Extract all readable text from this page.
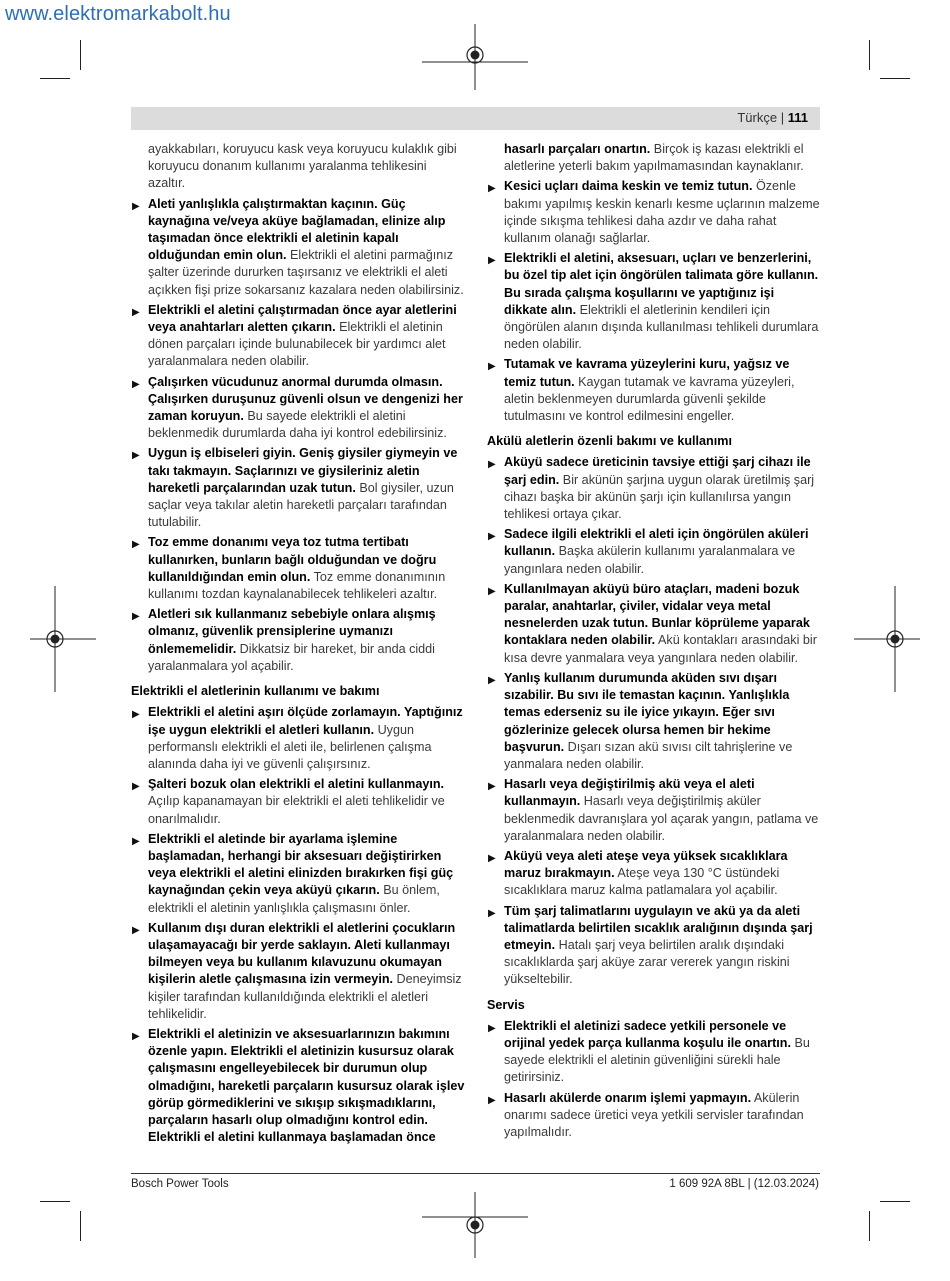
www.elektromarkabolt.hu
Türkçe | 111
ayakkabıları, koruyucu kask veya koruyucu kulaklık gibi koruyucu donanım kullanımı yaralanma tehlikesini azaltır.
▶ Aleti yanlışlıkla çalıştırmaktan kaçının. Güç kaynağına ve/veya aküye bağlamadan, elinize alıp taşımadan önce elektrikli el aletinin kapalı olduğundan emin olun. Elektrikli el aletini parmağınız şalter üzerinde dururken taşırsanız ve elektrikli el aleti açıkken fişi prize sokarsanız kazalara neden olabilirsiniz.
▶ Elektrikli el aletini çalıştırmadan önce ayar aletlerini veya anahtarları aletten çıkarın. Elektrikli el aletinin dönen parçaları içinde bulunabilecek bir yardımcı alet yaralanmalara neden olabilir.
▶ Çalışırken vücudunuz anormal durumda olmasın. Çalışırken duruşunuz güvenli olsun ve dengenizi her zaman koruyun. Bu sayede elektrikli el aletini beklenmedik durumlarda daha iyi kontrol edebilirsiniz.
▶ Uygun iş elbiseleri giyin. Geniş giysiler giymeyin ve takı takmayın. Saçlarınızı ve giysileriniz aletin hareketli parçalarından uzak tutun. Bol giysiler, uzun saçlar veya takılar aletin hareketli parçaları tarafından tutulabilir.
▶ Toz emme donanımı veya toz tutma tertibatı kullanırken, bunların bağlı olduğundan ve doğru kullanıldığından emin olun. Toz emme donanımının kullanımı tozdan kaynalanabilecek tehlikeleri azaltır.
▶ Aletleri sık kullanmanız sebebiyle onlara alışmış olmanız, güvenlik prensiplerine uymanızı önlememelidir. Dikkatsiz bir hareket, bir anda ciddi yaralanmalara yol açabilir.
Elektrikli el aletlerinin kullanımı ve bakımı
▶ Elektrikli el aletini aşırı ölçüde zorlamayın. Yaptığınız işe uygun elektrikli el aletleri kullanın. Uygun performanslı elektrikli el aleti ile, belirlenen çalışma alanında daha iyi ve güvenli çalışırsınız.
▶ Şalteri bozuk olan elektrikli el aletini kullanmayın. Açılıp kapanamayan bir elektrikli el aleti tehlikelidir ve onarılmalıdır.
▶ Elektrikli el aletinde bir ayarlama işlemine başlamadan, herhangi bir aksesuarı değiştirirken veya elektrikli el aletini elinizden bırakırken fişi güç kaynağından çekin veya aküyü çıkarın. Bu önlem, elektrikli el aletinin yanlışlıkla çalışmasını önler.
▶ Kullanım dışı duran elektrikli el aletlerini çocukların ulaşamayacağı bir yerde saklayın. Aleti kullanmayı bilmeyen veya bu kullanım kılavuzunu okumayan kişilerin aletle çalışmasına izin vermeyin. Deneyimsiz kişiler tarafından kullanıldığında elektrikli el aletleri tehlikelidir.
▶ Elektrikli el aletinizin ve aksesuarlarınızın bakımını özenle yapın. Elektrikli el aletinizin kusursuz olarak çalışmasını engelleyebilecek bir durumun olup olmadığını, hareketli parçaların kusursuz olarak işlev görüp görmediklerini ve sıkışıp sıkışmadıklarını, parçaların hasarlı olup olmadığını kontrol edin. Elektrikli el aletini kullanmaya başlamadan önce
hasarlı parçaları onartın. Birçok iş kazası elektrikli el aletlerine yeterli bakım yapılmamasından kaynaklanır.
▶ Kesici uçları daima keskin ve temiz tutun. Özenle bakımı yapılmış keskin kenarlı kesme uçlarının malzeme içinde sıkışma tehlikesi daha azdır ve daha rahat kullanım olanağı sağlarlar.
▶ Elektrikli el aletini, aksesuarı, uçları ve benzerlerini, bu özel tip alet için öngörülen talimata göre kullanın. Bu sırada çalışma koşullarını ve yaptığınız işi dikkate alın. Elektrikli el aletlerinin kendileri için öngörülen alanın dışında kullanılması tehlikeli durumlara neden olabilir.
▶ Tutamak ve kavrama yüzeylerini kuru, yağsız ve temiz tutun. Kaygan tutamak ve kavrama yüzeyleri, aletin beklenmeyen durumlarda güvenli şekilde tutulmasını ve kontrol edilmesini engeller.
Akülü aletlerin özenli bakımı ve kullanımı
▶ Aküyü sadece üreticinin tavsiye ettiği şarj cihazı ile şarj edin. Bir akünün şarjına uygun olarak üretilmiş şarj cihazı başka bir akünün şarjı için kullanılırsa yangın tehlikesi ortaya çıkar.
▶ Sadece ilgili elektrikli el aleti için öngörülen aküleri kullanın. Başka akülerin kullanımı yaralanmalara ve yangınlara neden olabilir.
▶ Kullanılmayan aküyü büro ataçları, madeni bozuk paralar, anahtarlar, çiviler, vidalar veya metal nesnelerden uzak tutun. Bunlar köprüleme yaparak kontaklara neden olabilir. Akü kontakları arasındaki bir kısa devre yanmalara veya yangınlara neden olabilir.
▶ Yanlış kullanım durumunda aküden sıvı dışarı sızabilir. Bu sıvı ile temastan kaçının. Yanlışlıkla temas ederseniz su ile iyice yıkayın. Eğer sıvı gözlerinize gelecek olursa hemen bir hekime başvurun. Dışarı sızan akü sıvısı cilt tahrişlerine ve yanmalara neden olabilir.
▶ Hasarlı veya değiştirilmiş akü veya el aleti kullanmayın. Hasarlı veya değiştirilmiş aküler beklenmedik davranışlara yol açarak yangın, patlama ve yaralanmalara neden olabilir.
▶ Aküyü veya aleti ateşe veya yüksek sıcaklıklara maruz bırakmayın. Ateşe veya 130 °C üstündeki sıcaklıklara maruz kalma patlamalara yol açabilir.
▶ Tüm şarj talimatlarını uygulayın ve akü ya da aleti talimatlarda belirtilen sıcaklık aralığının dışında şarj etmeyin. Hatalı şarj veya belirtilen aralık dışındaki sıcaklıklarda şarj aküye zarar vererek yangın riskini yükseltebilir.
Servis
▶ Elektrikli el aletinizi sadece yetkili personele ve orijinal yedek parça kullanma koşulu ile onartın. Bu sayede elektrikli el aletinin güvenliğini sürekli hale getirirsiniz.
▶ Hasarlı akülerde onarım işlemi yapmayın. Akülerin onarımı sadece üretici veya yetkili servisler tarafından yapılmalıdır.
Bosch Power Tools	1 609 92A 8BL | (12.03.2024)
